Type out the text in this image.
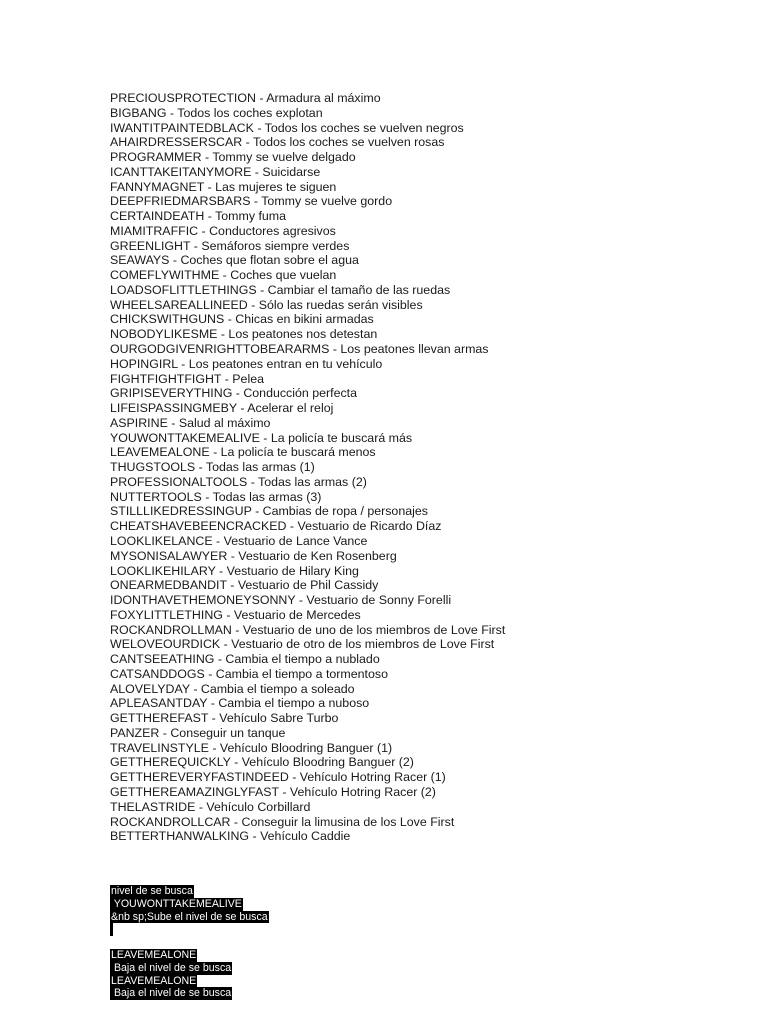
PRECIOUSPROTECTION - Armadura al máximo
BIGBANG - Todos los coches explotan
IWANTITPAINTEDBLACK - Todos los coches se vuelven negros
AHAIRDRESSERSCAR - Todos los coches se vuelven rosas
PROGRAMMER - Tommy se vuelve delgado
ICANTTAKEITANYMORE - Suicidarse
FANNYMAGNET - Las mujeres te siguen
DEEPFRIEDMARSBARS - Tommy se vuelve gordo
CERTAINDEATH - Tommy fuma
MIAMITRAFFIC - Conductores agresivos
GREENLIGHT - Semáforos siempre verdes
SEAWAYS - Coches que flotan sobre el agua
COMEFLYWITHME - Coches que vuelan
LOADSOFLITTLETHINGS - Cambiar el tamaño de las ruedas
WHEELSAREALLINEED - Sólo las ruedas serán visibles
CHICKSWITHGUNS - Chicas en bikini armadas
NOBODYLIKESME - Los peatones nos detestan
OURGODGIVENRIGHTTOBEARARMS - Los peatones llevan armas
HOPINGIRL - Los peatones entran en tu vehículo
FIGHTFIGHTFIGHT - Pelea
GRIPISEVERYTHING - Conducción perfecta
LIFEISPASSINGMEBY - Acelerar el reloj
ASPIRINE - Salud al máximo
YOUWONTTAKEMEALIVE - La policía te buscará más
LEAVEMEALONE - La policía te buscará menos
THUGSTOOLS - Todas las armas (1)
PROFESSIONALTOOLS - Todas las armas (2)
NUTTERTOOLS - Todas las armas (3)
STILLLIKEDRESSINGUP - Cambias de ropa / personajes
CHEATSHAVEBEENCRACKED - Vestuario de Ricardo Díaz
LOOKLIKELANCE - Vestuario de Lance Vance
MYSONISALAWYER - Vestuario de Ken Rosenberg
LOOKLIKEHILARY - Vestuario de Hilary King
ONEARMEDBANDIT - Vestuario de Phil Cassidy
IDONTHAVETHEMONEYSONNY - Vestuario de Sonny Forelli
FOXYLITTLETHING - Vestuario de Mercedes
ROCKANDROLLMAN - Vestuario de uno de los miembros de Love First
WELOVEOURDICK - Vestuario de otro de los miembros de Love First
CANTSEEATHING - Cambia el tiempo a nublado
CATSANDDOGS - Cambia el tiempo a tormentoso
ALOVELYDAY - Cambia el tiempo a soleado
APLEASANTDAY - Cambia el tiempo a nuboso
GETTHEREFAST - Vehículo Sabre Turbo
PANZER - Conseguir un tanque
TRAVELINSTYLE - Vehículo Bloodring Banguer (1)
GETTHEREQUICKLY - Vehículo Bloodring Banguer (2)
GETTHEREVERYFASTINDEED - Vehículo Hotring Racer (1)
GETTHEREAMAZINGLYFAST - Vehículo Hotring Racer (2)
THELASTRIDE - Vehículo Corbillard
ROCKANDROLLCAR - Conseguir la limusina de los Love First
BETTERTHANWALKING - Vehículo Caddie
nivel de se busca
YOUWONTTAKEMEALIVE
&nb sp;Sube el nivel de se busca
LEAVEMEALONE
Baja el nivel de se busca
LEAVEMEALONE
Baja el nivel de se busca
